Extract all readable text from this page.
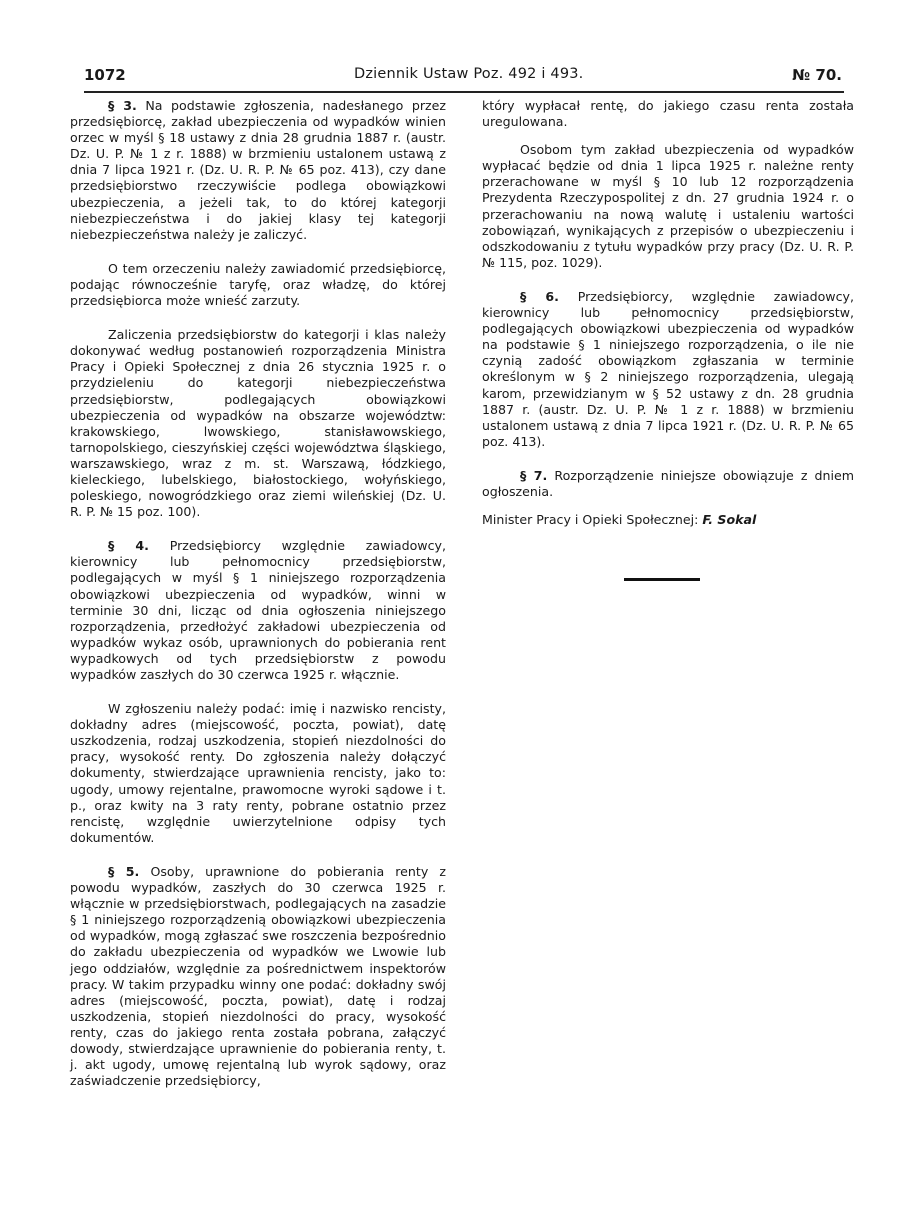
1072	Dziennik Ustaw Poz. 492 i 493.	№ 70.

§ 3. Na podstawie zgłoszenia, nadesłanego przez przedsiębiorcę, zakład ubezpieczenia od wypadków winien orzec w myśl § 18 ustawy z dnia 28 grudnia 1887 r. (austr. Dz. U. P. № 1 z r. 1888) w brzmieniu ustalonem ustawą z dnia 7 lipca 1921 r. (Dz. U. R. P. № 65 poz. 413), czy dane przedsiębiorstwo rzeczywiście podlega obowiązkowi ubezpieczenia, a jeżeli tak, to do której kategorji niebezpieczeństwa i do jakiej klasy tej kategorji niebezpieczeństwa należy je zaliczyć.

O tem orzeczeniu należy zawiadomić przedsiębiorcę, podając równocześnie taryfę, oraz władzę, do której przedsiębiorca może wnieść zarzuty.

Zaliczenia przedsiębiorstw do kategorji i klas należy dokonywać według postanowień rozporządzenia Ministra Pracy i Opieki Społecznej z dnia 26 stycznia 1925 r. o przydzieleniu do kategorji niebezpieczeństwa przedsiębiorstw, podlegających obowiązkowi ubezpieczenia od wypadków na obszarze województw: krakowskiego, lwowskiego, stanisławowskiego, tarnopolskiego, cieszyńskiej części województwa śląskiego, warszawskiego, wraz z m. st. Warszawą, łódzkiego, kieleckiego, lubelskiego, białostockiego, wołyńskiego, poleskiego, nowogródzkiego oraz ziemi wileńskiej (Dz. U. R. P. № 15 poz. 100).

§ 4. Przedsiębiorcy względnie zawiadowcy, kierownicy lub pełnomocnicy przedsiębiorstw, podlegających w myśl § 1 niniejszego rozporządzenia obowiązkowi ubezpieczenia od wypadków, winni w terminie 30 dni, licząc od dnia ogłoszenia niniejszego rozporządzenia, przedłożyć zakładowi ubezpieczenia od wypadków wykaz osób, uprawnionych do pobierania rent wypadkowych od tych przedsiębiorstw z powodu wypadków zaszłych do 30 czerwca 1925 r. włącznie.

W zgłoszeniu należy podać: imię i nazwisko rencisty, dokładny adres (miejscowość, poczta, powiat), datę uszkodzenia, rodzaj uszkodzenia, stopień niezdolności do pracy, wysokość renty. Do zgłoszenia należy dołączyć dokumenty, stwierdzające uprawnienia rencisty, jako to: ugody, umowy rejentalne, prawomocne wyroki sądowe i t. p., oraz kwity na 3 raty renty, pobrane ostatnio przez rencistę, względnie uwierzytelnione odpisy tych dokumentów.

§ 5. Osoby, uprawnione do pobierania renty z powodu wypadków, zaszłych do 30 czerwca 1925 r. włącznie w przedsiębiorstwach, podlegających na zasadzie § 1 niniejszego rozporządzenią obowiązkowi ubezpieczenia od wypadków, mogą zgłaszać swe roszczenia bezpośrednio do zakładu ubezpieczenia od wypadków we Lwowie lub jego oddziałów, względnie za pośrednictwem inspektorów pracy. W takim przypadku winny one podać: dokładny swój adres (miejscowość, poczta, powiat), datę i rodzaj uszkodzenia, stopień niezdolności do pracy, wysokość renty, czas do jakiego renta została pobrana, załączyć dowody, stwierdzające uprawnienie do pobierania renty, t. j. akt ugody, umowę rejentalną lub wyrok sądowy, oraz zaświadczenie przedsiębiorcy,

który wypłacał rentę, do jakiego czasu renta została uregulowana.

Osobom tym zakład ubezpieczenia od wypadków wypłacać będzie od dnia 1 lipca 1925 r. należne renty przerachowane w myśl § 10 lub 12 rozporządzenia Prezydenta Rzeczypospolitej z dn. 27 grudnia 1924 r. o przerachowaniu na nową walutę i ustaleniu wartości zobowiązań, wynikających z przepisów o ubezpieczeniu i odszkodowaniu z tytułu wypadków przy pracy (Dz. U. R. P. № 115, poz. 1029).

§ 6. Przedsiębiorcy, względnie zawiadowcy, kierownicy lub pełnomocnicy przedsiębiorstw, podlegających obowiązkowi ubezpieczenia od wypadków na podstawie § 1 niniejszego rozporządzenia, o ile nie czynią zadość obowiązkom zgłaszania w terminie określonym w § 2 niniejszego rozporządzenia, ulegają karom, przewidzianym w § 52 ustawy z dn. 28 grudnia 1887 r. (austr. Dz. U. P. № 1 z r. 1888) w brzmieniu ustalonem ustawą z dnia 7 lipca 1921 r. (Dz. U. R. P. № 65 poz. 413).

§ 7. Rozporządzenie niniejsze obowiązuje z dniem ogłoszenia.

Minister Pracy i Opieki Społecznej: F. Sokal
